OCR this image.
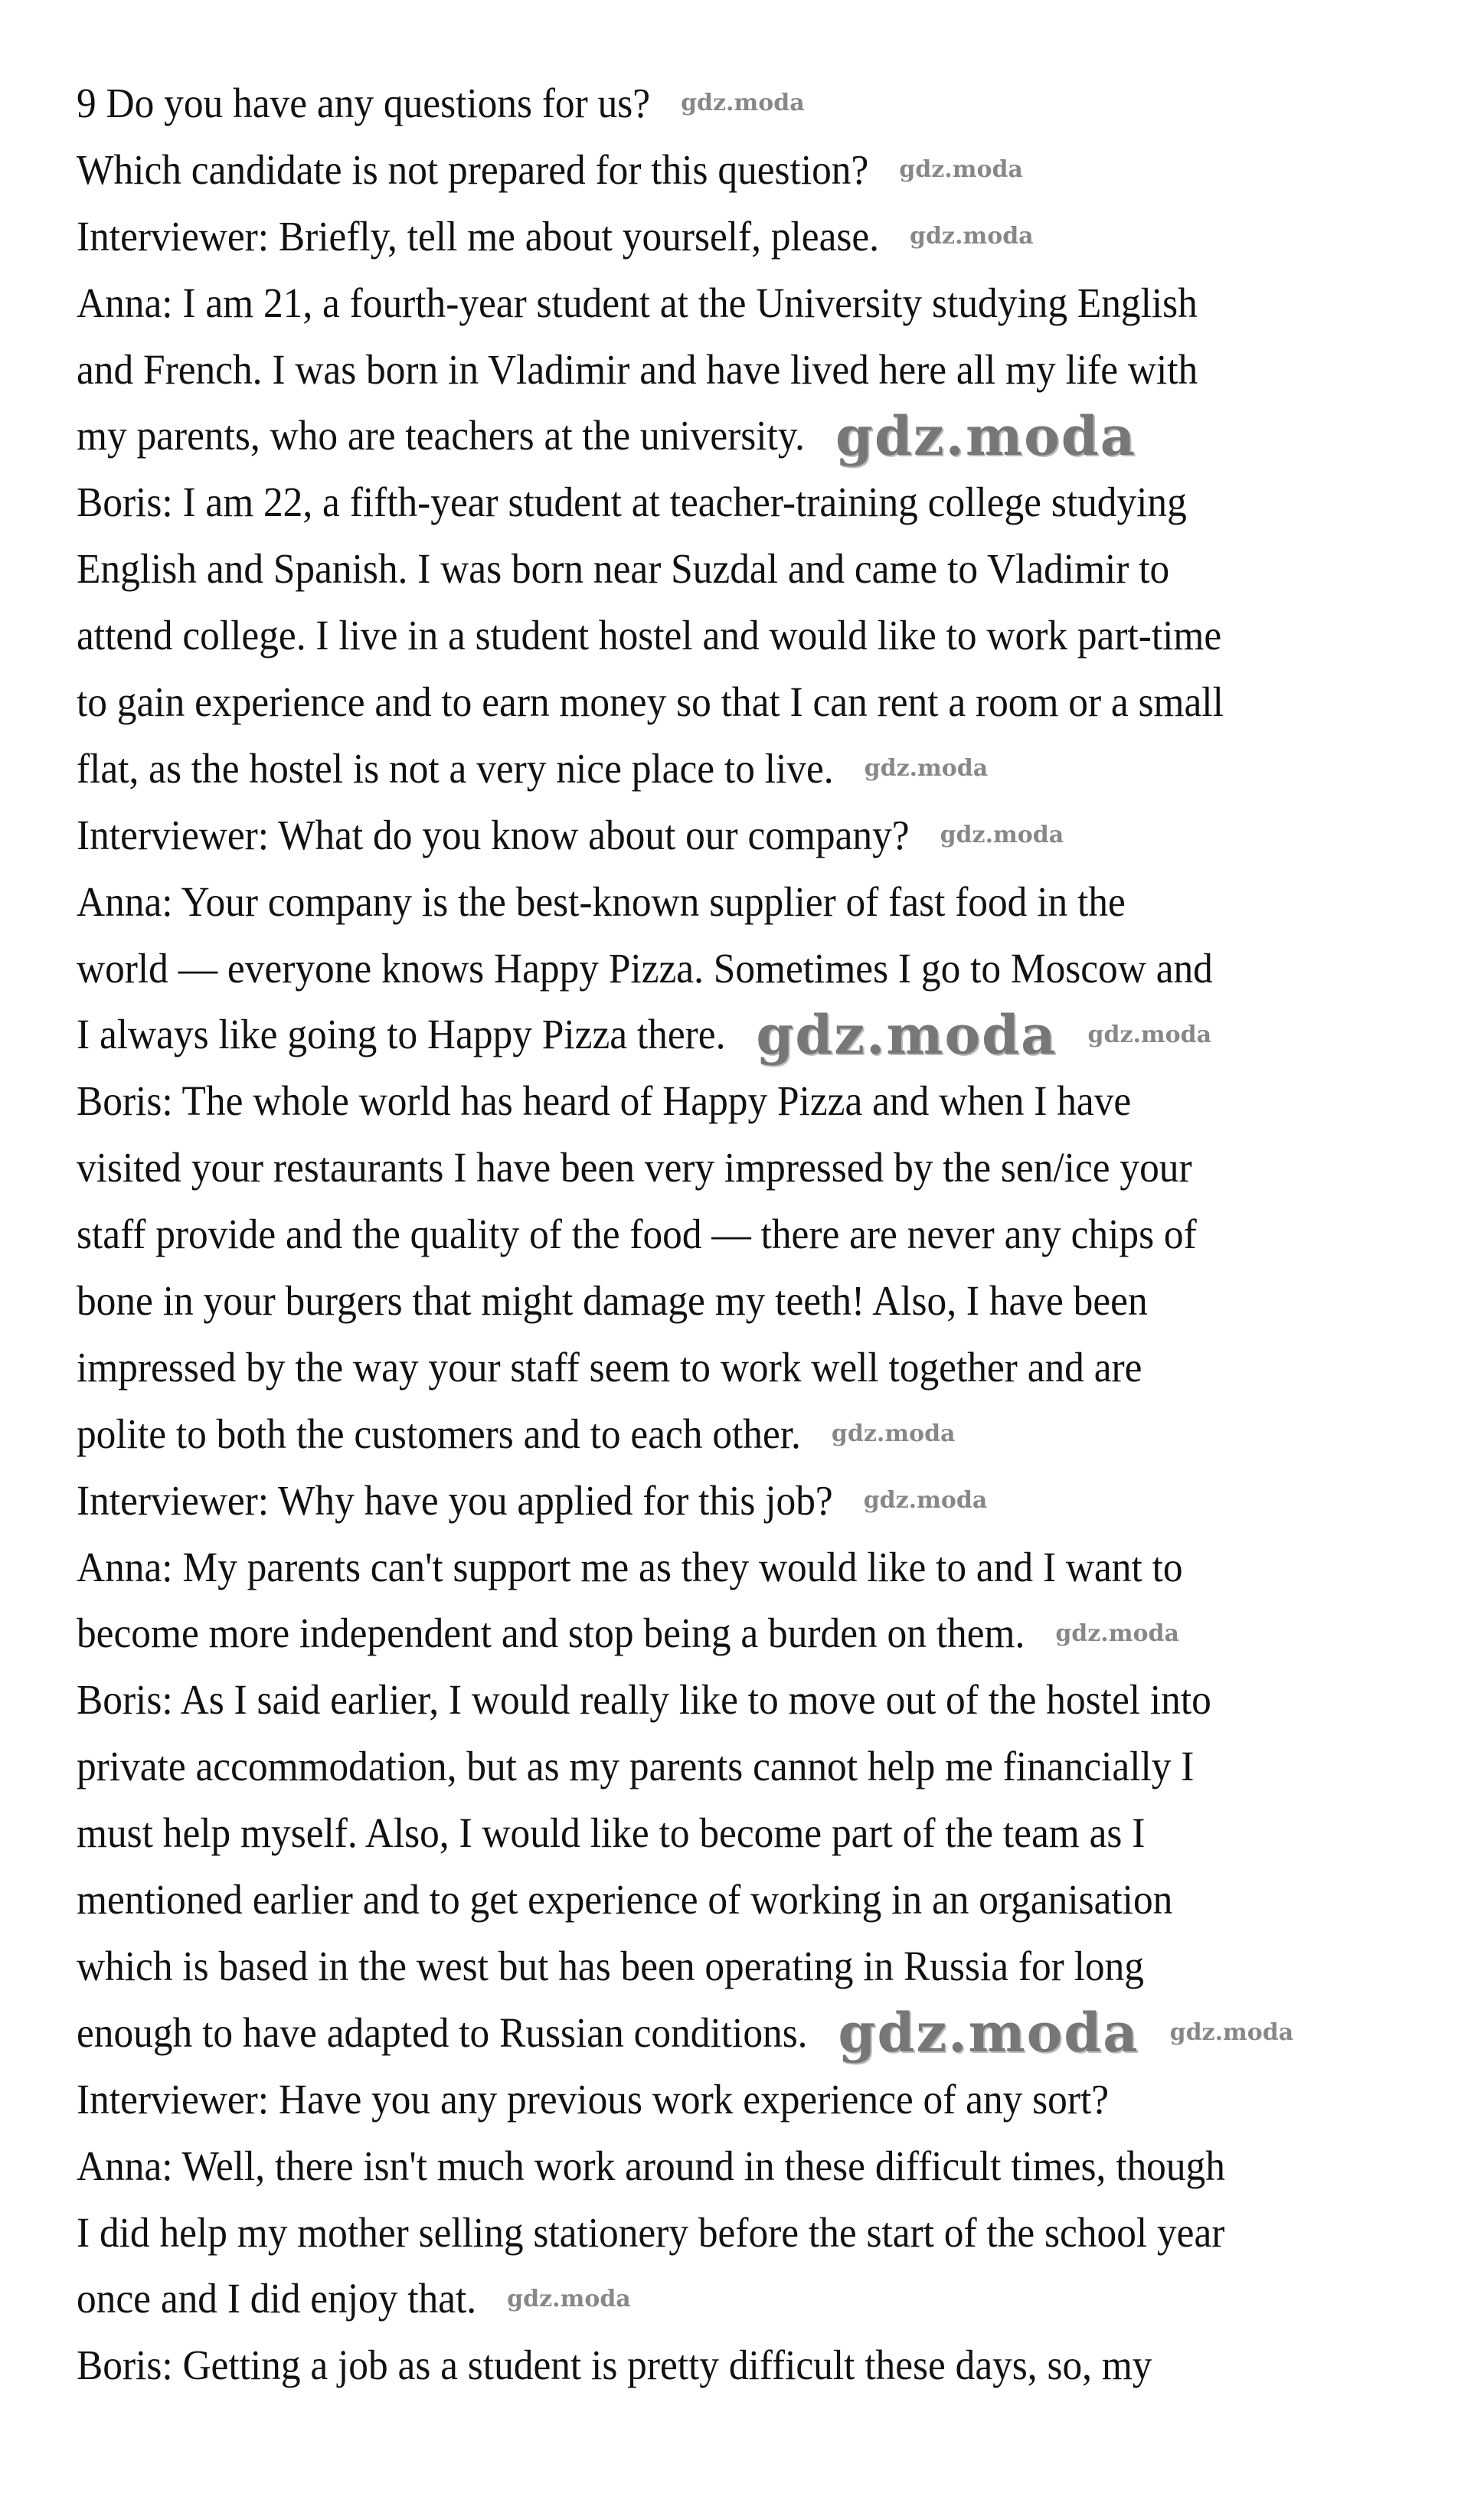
9 Do you have any questions for us?
Which candidate is not prepared for this question?
Interviewer: Briefly, tell me about yourself, please.
Anna: I am 21, a fourth-year student at the University studying English
and French. I was born in Vladimir and have lived here all my life with
my parents, who are teachers at the university.
Boris: I am 22, a fifth-year student at teacher-training college studying
English and Spanish. I was born near Suzdal and came to Vladimir to
attend college. I live in a student hostel and would like to work part-time
to gain experience and to earn money so that I can rent a room or a small
flat, as the hostel is not a very nice place to live.
Interviewer: What do you know about our company?
Anna: Your company is the best-known supplier of fast food in the
world — everyone knows Happy Pizza. Sometimes I go to Moscow and
I always like going to Happy Pizza there.
Boris: The whole world has heard of Happy Pizza and when I have
visited your restaurants I have been very impressed by the sen/ice your
staff provide and the quality of the food — there are never any chips of
bone in your burgers that might damage my teeth! Also, I have been
impressed by the way your staff seem to work well together and are
polite to both the customers and to each other.
Interviewer: Why have you applied for this job?
Anna: My parents can't support me as they would like to and I want to
become more independent and stop being a burden on them.
Boris: As I said earlier, I would really like to move out of the hostel into
private accommodation, but as my parents cannot help me financially I
must help myself. Also, I would like to become part of the team as I
mentioned earlier and to get experience of working in an organisation
which is based in the west but has been operating in Russia for long
enough to have adapted to Russian conditions.
Interviewer: Have you any previous work experience of any sort?
Anna: Well, there isn't much work around in these difficult times, though
I did help my mother selling stationery before the start of the school year
once and I did enjoy that.
Boris: Getting a job as a student is pretty difficult these days, so, my
gdz.moda
gdz.moda
gdz.moda
gdz.moda
gdz.moda
gdz.moda
gdz.moda
gdz.moda
gdz.moda
gdz.moda
gdz.moda
gdz.moda
gdz.moda
gdz.moda
